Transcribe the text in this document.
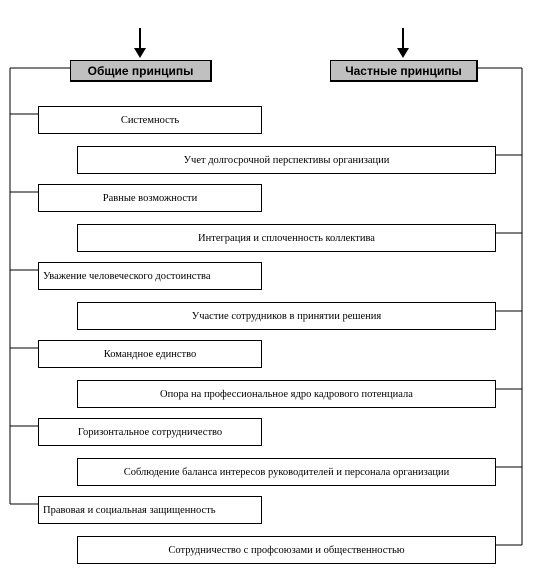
Общие принципы	Частные принципы
Системность
Равные возможности
Уважение человеческого достоинства
Командное единство
Горизонтальное сотрудничество
Правовая и социальная защищенность
Учет долгосрочной перспективы организации
Интеграция и сплоченность коллектива
Участие сотрудников в принятии решения
Опора на профессиональное ядро кадрового потенциала
Соблюдение баланса интересов руководителей и персонала организации
Сотрудничество с профсоюзами и общественностью
